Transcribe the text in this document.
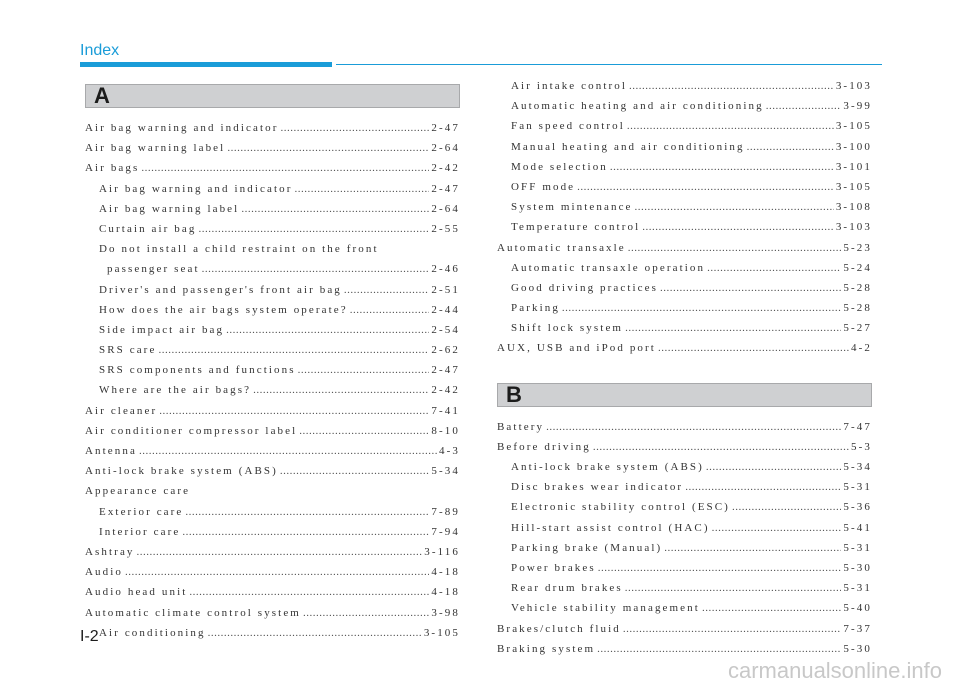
Index
A
Air bag warning and indicator .....	2-47
Air bag warning label .....	2-64
Air bags .....	2-42
Air bag warning and indicator .....	2-47
Air bag warning label .....	2-64
Curtain air bag .....	2-55
Do not install a child restraint on the front
passenger seat .....	2-46
Driver's and passenger's front air bag .....	2-51
How does the air bags system operate? .....	2-44
Side impact air bag .....	2-54
SRS care .....	2-62
SRS components and functions .....	2-47
Where are the air bags? .....	2-42
Air cleaner .....	7-41
Air conditioner compressor label .....	8-10
Antenna .....	4-3
Anti-lock brake system (ABS) .....	5-34
Appearance care
Exterior care .....	7-89
Interior care .....	7-94
Ashtray .....	3-116
Audio .....	4-18
Audio head unit .....	4-18
Automatic climate control system .....	3-98
Air conditioning .....	3-105
Air intake control .....	3-103
Automatic heating and air conditioning .....	3-99
Fan speed control .....	3-105
Manual heating and air conditioning .....	3-100
Mode selection .....	3-101
OFF mode .....	3-105
System mintenance .....	3-108
Temperature control .....	3-103
Automatic transaxle .....	5-23
Automatic transaxle operation .....	5-24
Good driving practices .....	5-28
Parking .....	5-28
Shift lock system .....	5-27
AUX, USB and iPod port .....	4-2
B
Battery .....	7-47
Before driving .....	5-3
Anti-lock brake system (ABS) .....	5-34
Disc brakes wear indicator .....	5-31
Electronic stability control (ESC) .....	5-36
Hill-start assist control (HAC) .....	5-41
Parking brake (Manual) .....	5-31
Power brakes .....	5-30
Rear drum brakes .....	5-31
Vehicle stability management .....	5-40
Brakes/clutch fluid .....	7-37
Braking system .....	5-30
I-2
carmanualsonline.info
